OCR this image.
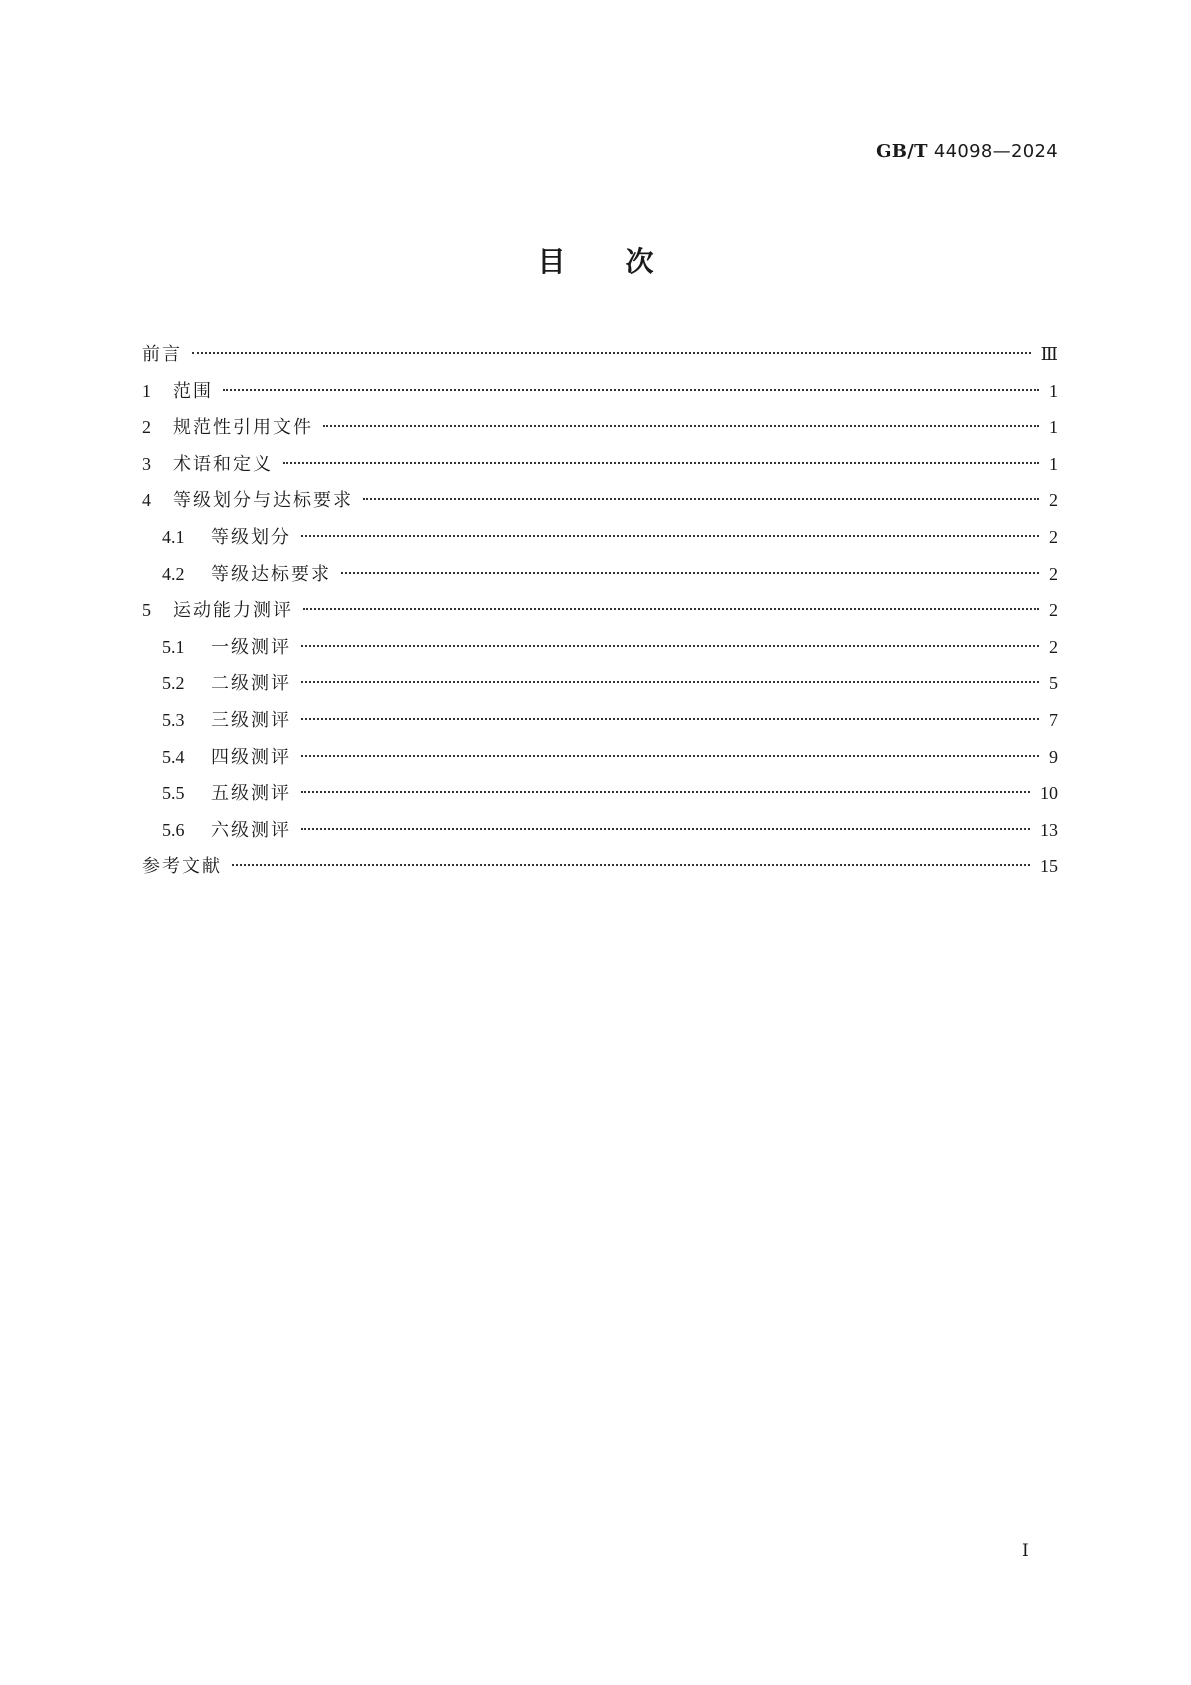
GB/T 44098—2024
目次
前言	Ⅲ
1	范围	1
2	规范性引用文件	1
3	术语和定义	1
4	等级划分与达标要求	2
4.1	等级划分	2
4.2	等级达标要求	2
5	运动能力测评	2
5.1	一级测评	2
5.2	二级测评	5
5.3	三级测评	7
5.4	四级测评	9
5.5	五级测评	10
5.6	六级测评	13
参考文献	15
Ⅰ
